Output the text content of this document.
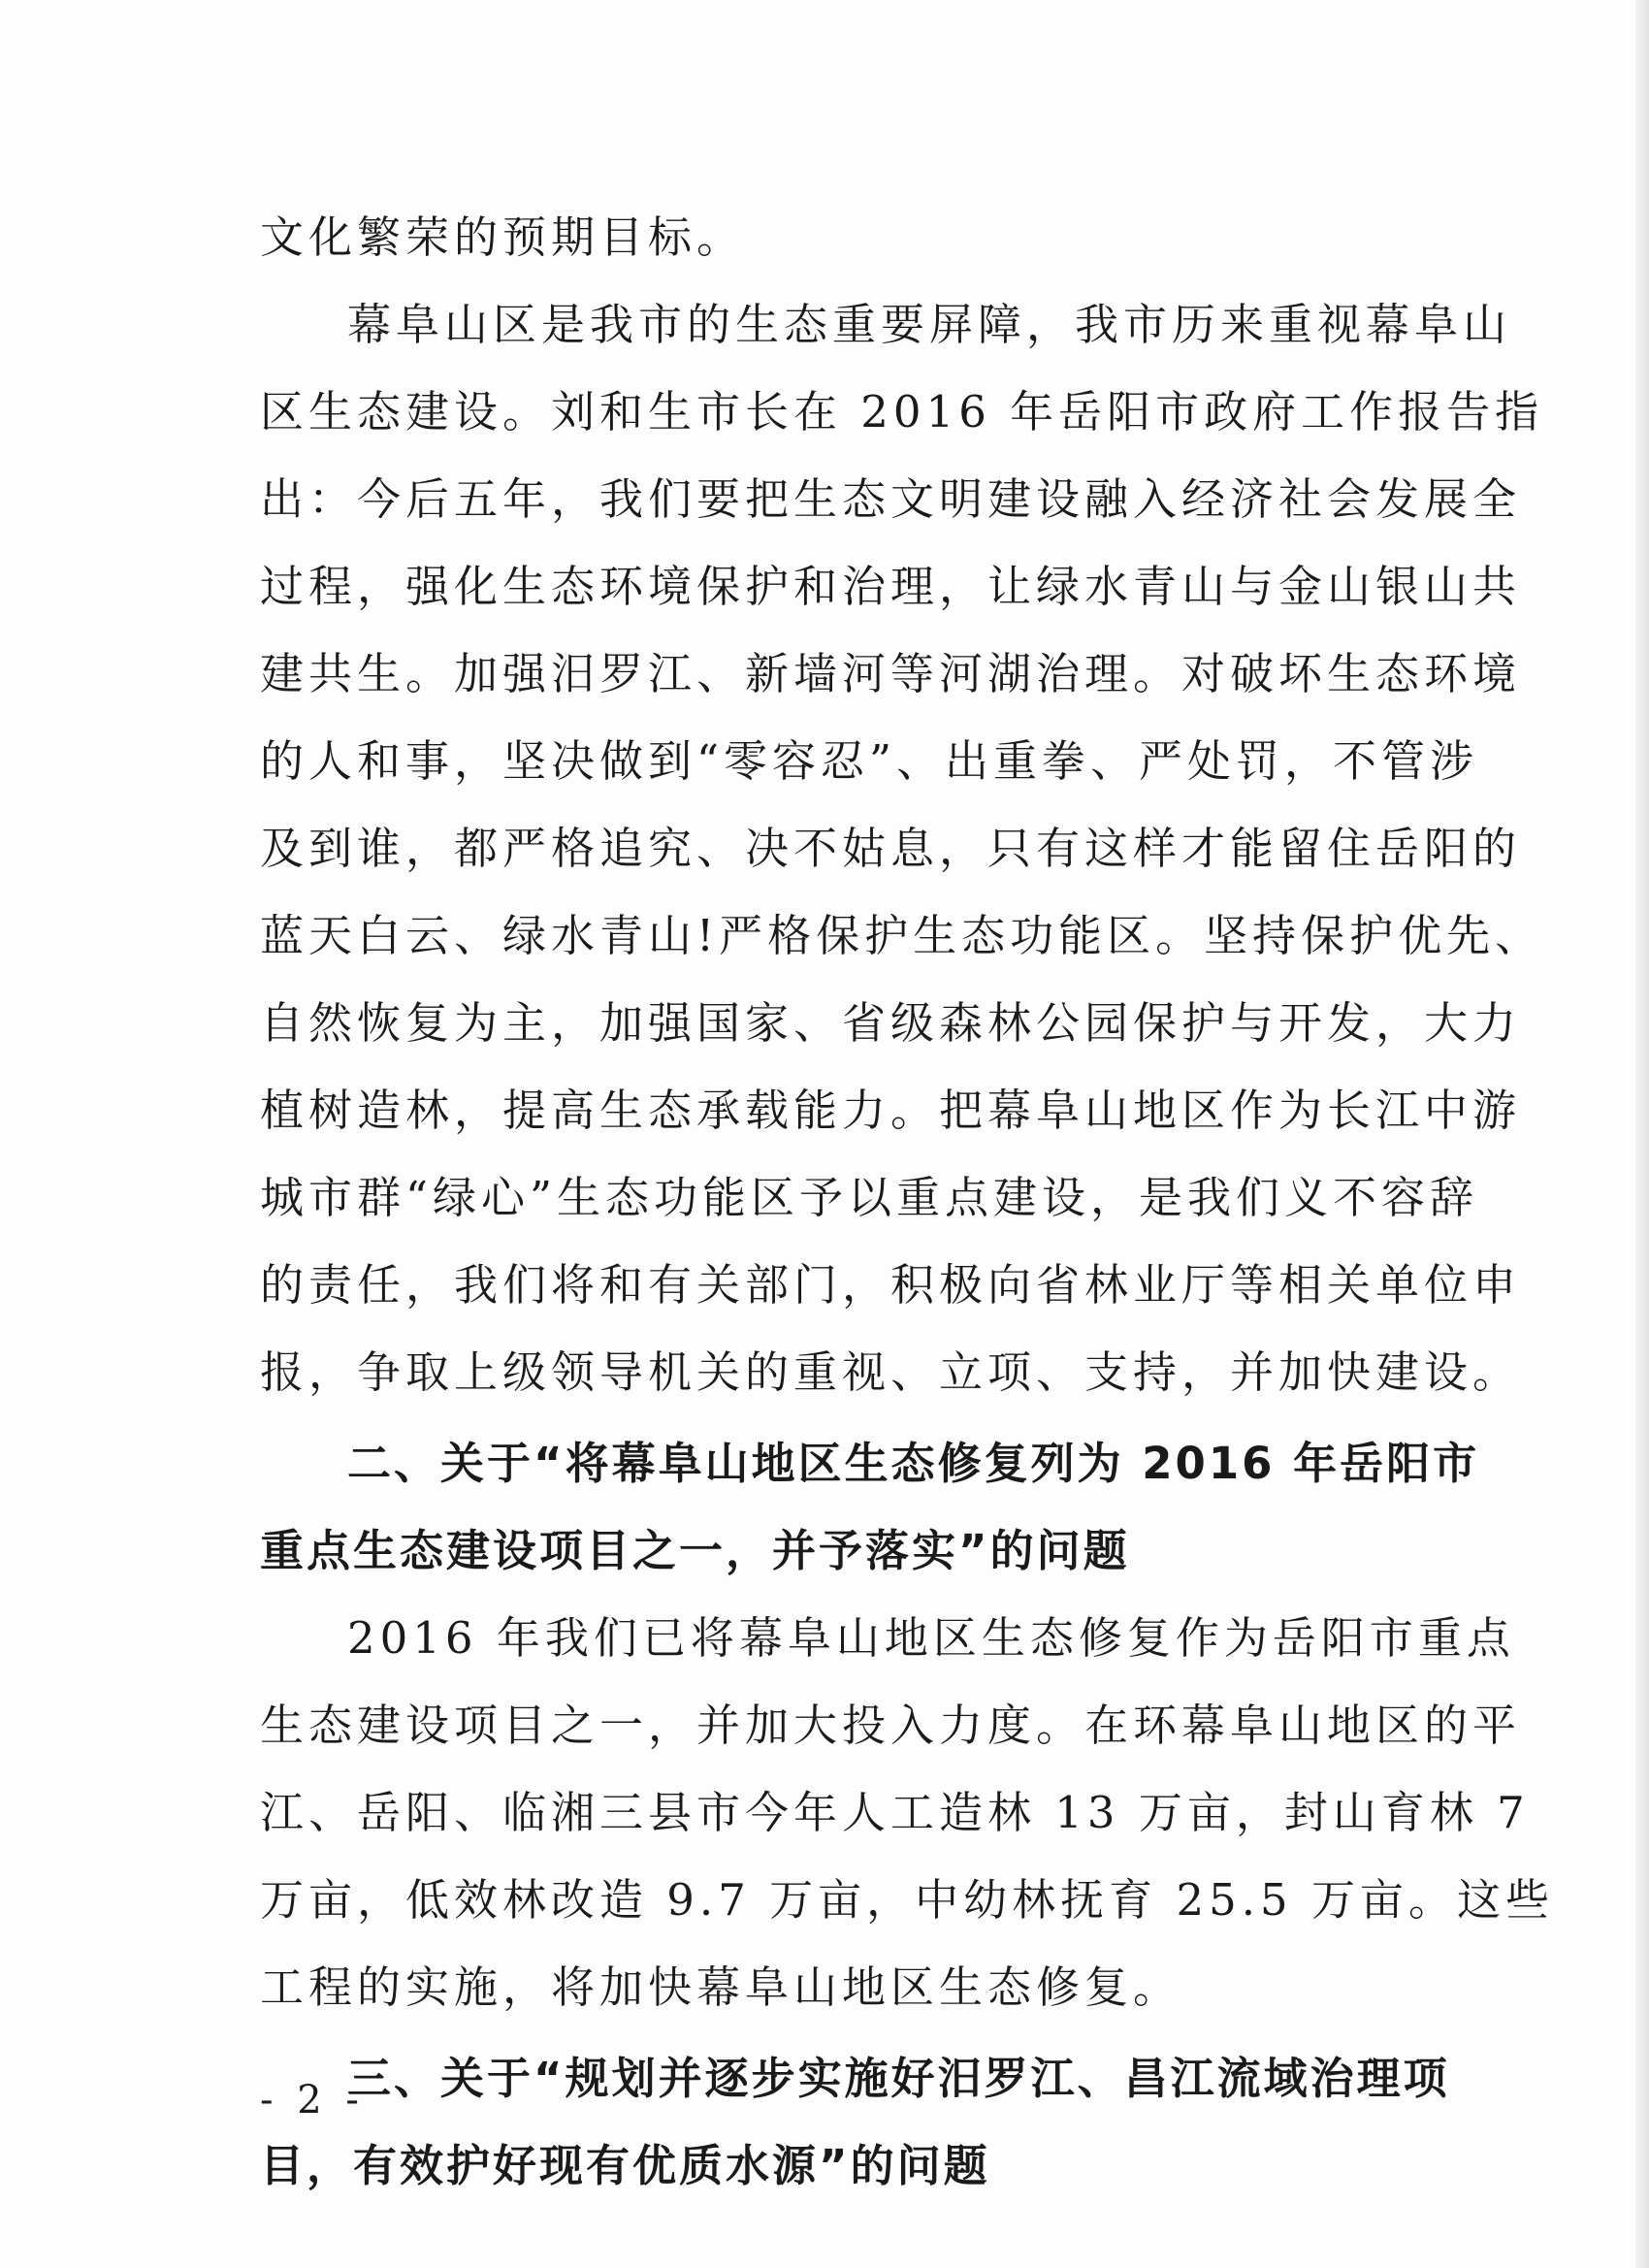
文化繁荣的预期目标。

幕阜山区是我市的生态重要屏障，我市历来重视幕阜山

区生态建设。刘和生市长在 2016 年岳阳市政府工作报告指

出：今后五年，我们要把生态文明建设融入经济社会发展全

过程，强化生态环境保护和治理，让绿水青山与金山银山共

建共生。加强汨罗江、新墙河等河湖治理。对破坏生态环境

的人和事，坚决做到“零容忍”、出重拳、严处罚，不管涉

及到谁，都严格追究、决不姑息，只有这样才能留住岳阳的

蓝天白云、绿水青山!严格保护生态功能区。坚持保护优先、

自然恢复为主，加强国家、省级森林公园保护与开发，大力

植树造林，提高生态承载能力。把幕阜山地区作为长江中游

城市群“绿心”生态功能区予以重点建设，是我们义不容辞

的责任，我们将和有关部门，积极向省林业厅等相关单位申

报，争取上级领导机关的重视、立项、支持，并加快建设。

二、关于“将幕阜山地区生态修复列为 2016 年岳阳市

重点生态建设项目之一，并予落实”的问题

2016 年我们已将幕阜山地区生态修复作为岳阳市重点

生态建设项目之一，并加大投入力度。在环幕阜山地区的平

江、岳阳、临湘三县市今年人工造林 13 万亩，封山育林 7

万亩，低效林改造 9.7 万亩，中幼林抚育 25.5 万亩。这些

工程的实施，将加快幕阜山地区生态修复。

三、关于“规划并逐步实施好汨罗江、昌江流域治理项

目，有效护好现有优质水源”的问题

- 2 -
